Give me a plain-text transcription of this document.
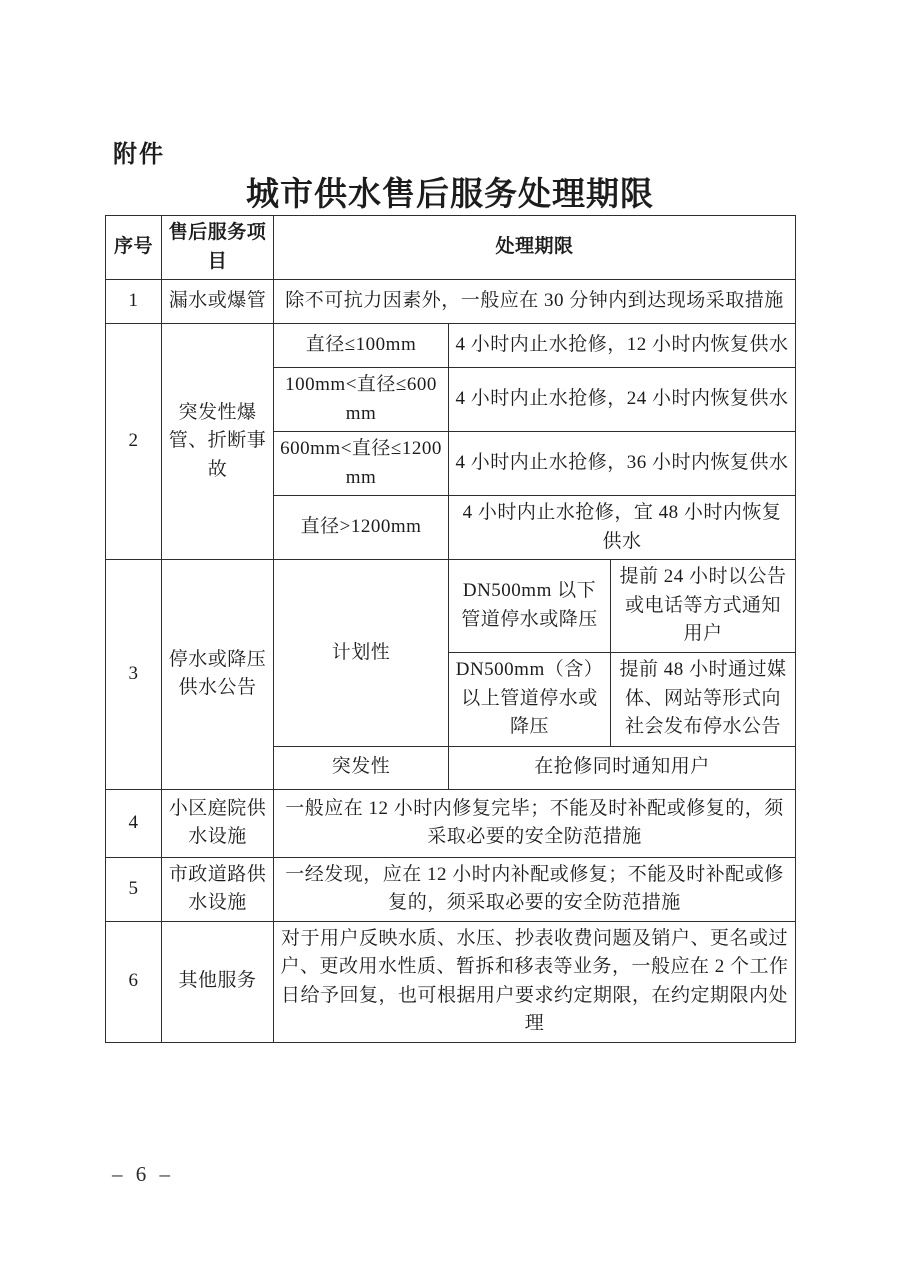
附件
城市供水售后服务处理期限
序号	售后服务项目	处理期限		
1	漏水或爆管	除不可抗力因素外，一般应在 30 分钟内到达现场采取措施		
2	突发性爆管、折断事故	直径≤100mm	4 小时内止水抢修，12 小时内恢复供水	
		100mm<直径≤600mm	4 小时内止水抢修，24 小时内恢复供水	
		600mm<直径≤1200mm	4 小时内止水抢修，36 小时内恢复供水	
		直径>1200mm	4 小时内止水抢修，宜 48 小时内恢复供水	
3	停水或降压供水公告	计划性	DN500mm 以下管道停水或降压	提前 24 小时以公告或电话等方式通知用户
			DN500mm（含）以上管道停水或降压	提前 48 小时通过媒体、网站等形式向社会发布停水公告
		突发性	在抢修同时通知用户	
4	小区庭院供水设施	一般应在 12 小时内修复完毕；不能及时补配或修复的，须采取必要的安全防范措施		
5	市政道路供水设施	一经发现，应在 12 小时内补配或修复；不能及时补配或修复的，须采取必要的安全防范措施		
6	其他服务	对于用户反映水质、水压、抄表收费问题及销户、更名或过户、更改用水性质、暂拆和移表等业务，一般应在 2 个工作日给予回复，也可根据用户要求约定期限，在约定期限内处理		
– 6 –
